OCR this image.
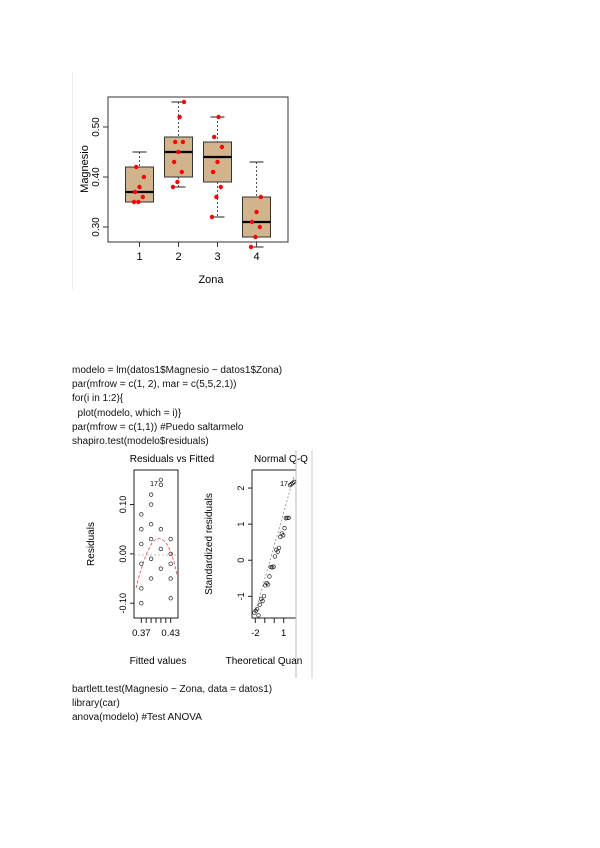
0.30
0.40
0.50
1	2	3	4
Magnesio
Zona
modelo = lm(datos1$Magnesio ~ datos1$Zona)
par(mfrow = c(1, 2), mar = c(5,5,2,1))
for(i in 1:2){
plot(modelo, which = i)}
par(mfrow = c(1,1)) #Puedo saltarmelo
shapiro.test(modelo$residuals)
Residuals vs Fitted
-0.10
0.00
0.10
0.37 0.43
17
Residuals
Fitted values
Normal Q-Q
-1
0
1
2
-2 1
17
Standardized residuals
Theoretical Quan
bartlett.test(Magnesio ~ Zona, data = datos1)
library(car)
anova(modelo) #Test ANOVA
